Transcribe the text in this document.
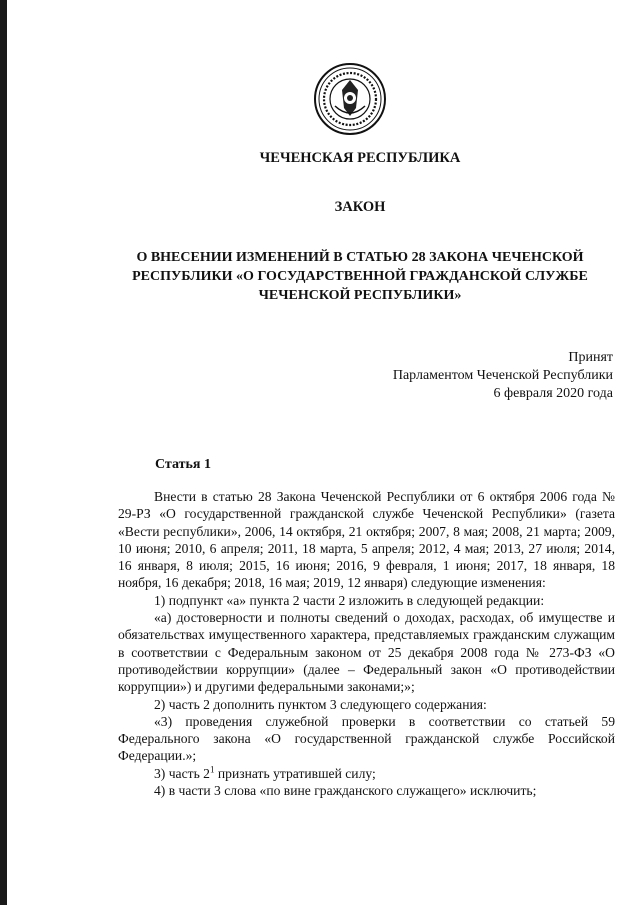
ЧЕЧЕНСКАЯ РЕСПУБЛИКА
ЗАКОН
О ВНЕСЕНИИ ИЗМЕНЕНИЙ В СТАТЬЮ 28 ЗАКОНА ЧЕЧЕНСКОЙ
РЕСПУБЛИКИ «О ГОСУДАРСТВЕННОЙ ГРАЖДАНСКОЙ СЛУЖБЕ
ЧЕЧЕНСКОЙ РЕСПУБЛИКИ»
Принят
Парламентом Чеченской Республики
6 февраля 2020 года
Статья 1

Внести в статью 28 Закона Чеченской Республики от 6 октября 2006 года № 29-РЗ «О государственной гражданской службе Чеченской Республики» (газета «Вести республики», 2006, 14 октября, 21 октября; 2007, 8 мая; 2008, 21 марта; 2009, 10 июня; 2010, 6 апреля; 2011, 18 марта, 5 апреля; 2012, 4 мая; 2013, 27 июля; 2014, 16 января, 8 июля; 2015, 16 июня; 2016, 9 февраля, 1 июня; 2017, 18 января, 18 ноября, 16 декабря; 2018, 16 мая; 2019, 12 января) следующие изменения:

1) подпункт «а» пункта 2 части 2 изложить в следующей редакции:

«а) достоверности и полноты сведений о доходах, расходах, об имуществе и обязательствах имущественного характера, представляемых гражданским служащим в соответствии с Федеральным законом от 25 декабря 2008 года № 273-ФЗ «О противодействии коррупции» (далее – Федеральный закон «О противодействии коррупции») и другими федеральными законами;»;

2) часть 2 дополнить пунктом 3 следующего содержания:

«3) проведения служебной проверки в соответствии со статьей 59 Федерального закона «О государственной гражданской службе Российской Федерации.»;

3) часть $2^1$ признать утратившей силу;

4) в части 3 слова «по вине гражданского служащего» исключить;
